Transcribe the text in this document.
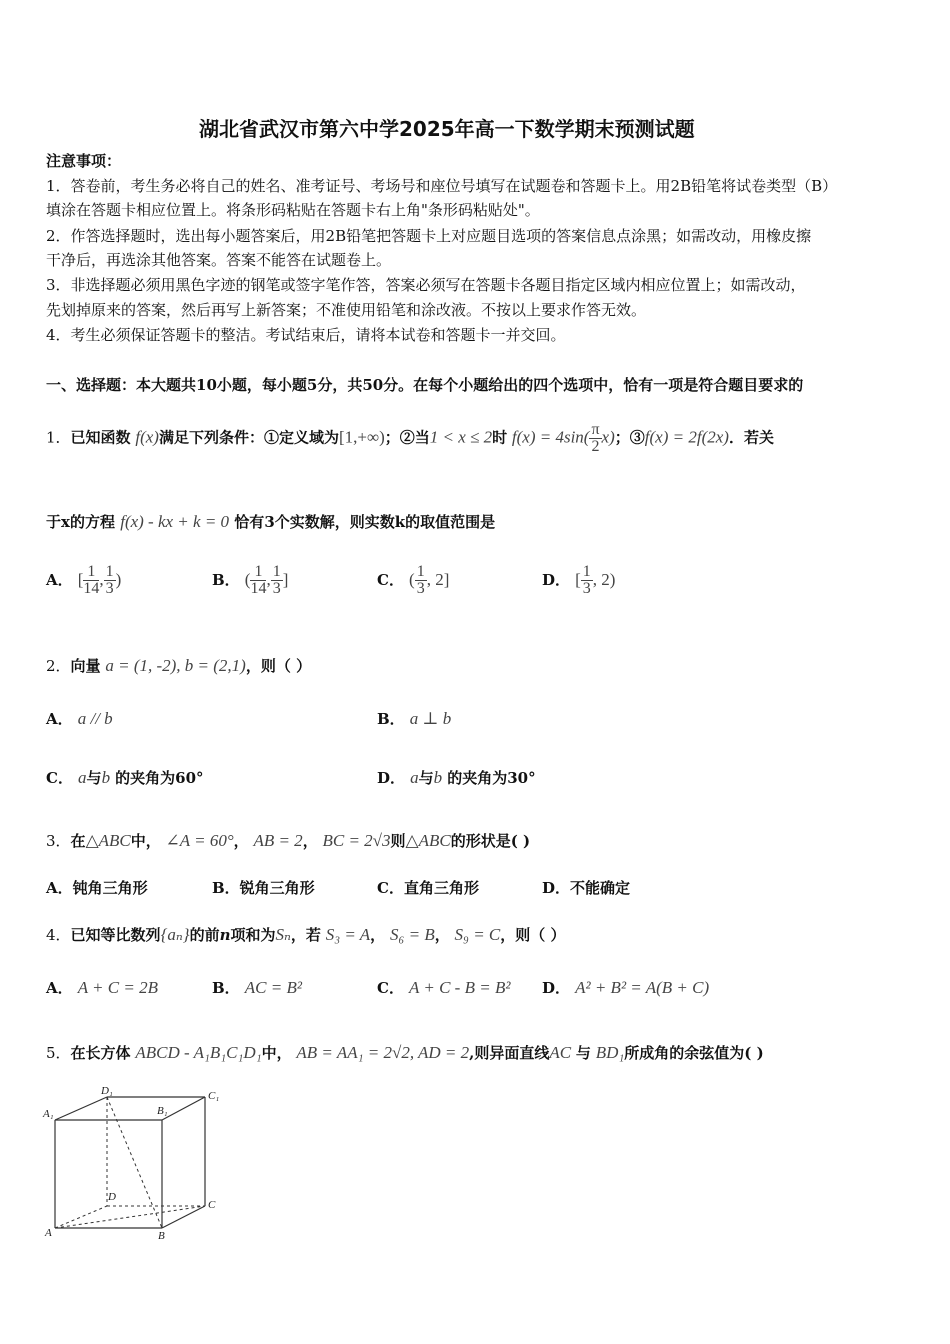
湖北省武汉市第六中学2025年高一下数学期末预测试题
注意事项：
1．答卷前，考生务必将自己的姓名、准考证号、考场号和座位号填写在试题卷和答题卡上。用2B铅笔将试卷类型（B）
填涂在答题卡相应位置上。将条形码粘贴在答题卡右上角"条形码粘贴处"。
2．作答选择题时，选出每小题答案后，用2B铅笔把答题卡上对应题目选项的答案信息点涂黑；如需改动，用橡皮擦
干净后，再选涂其他答案。答案不能答在试题卷上。
3．非选择题必须用黑色字迹的钢笔或签字笔作答，答案必须写在答题卡各题目指定区域内相应位置上；如需改动，
先划掉原来的答案，然后再写上新答案；不准使用铅笔和涂改液。不按以上要求作答无效。
4．考生必须保证答题卡的整洁。考试结束后，请将本试卷和答题卡一并交回。
一、选择题：本大题共10小题，每小题5分，共50分。在每个小题给出的四个选项中，恰有一项是符合题目要求的
1．已知函数 f(x)满足下列条件：①定义域为[1,+∞)；②当1 < x ≤ 2时 $f(x) = 4\sin( \frac{\pi}{2} x)$；③f(x) = 2f(2x)．若关
于x的方程 f(x) - kx + k = 0 恰有3个实数解，则实数k的取值范围是
A． [ $\frac{1}{14}$ , $\frac{1}{3}$ )	B． ( $\frac{1}{14}$ , $\frac{1}{3}$ ]	C． ( $\frac{1}{3}$ , 2]	D． [ $\frac{1}{3}$ , 2)
2．向量 a = (1, -2), b = (2,1)，则（ ）
A． a // b	B． a ⊥ b
C． a与b 的夹角为60°	D． a与b 的夹角为30°
3．在△ABC中， ∠A = 60°， AB = 2， BC = 2√3则△ABC的形状是( )
A．钝角三角形	B．锐角三角形	C．直角三角形	D．不能确定
4．已知等比数列{aₙ}的前n项和为Sₙ，若 S₃ = A， S₆ = B， S₉ = C，则（ ）
A． A + C = 2B	B． AC = B²	C． A + C - B = B² D． A² + B² = A(B + C)
5．在长方体 ABCD - A₁B₁C₁D₁中， AB = AA₁ = 2√2, AD = 2,则异面直线AC 与 BD₁所成角的余弦值为( )
D₁	C₁
A₁	B₁
D
C
A	B
